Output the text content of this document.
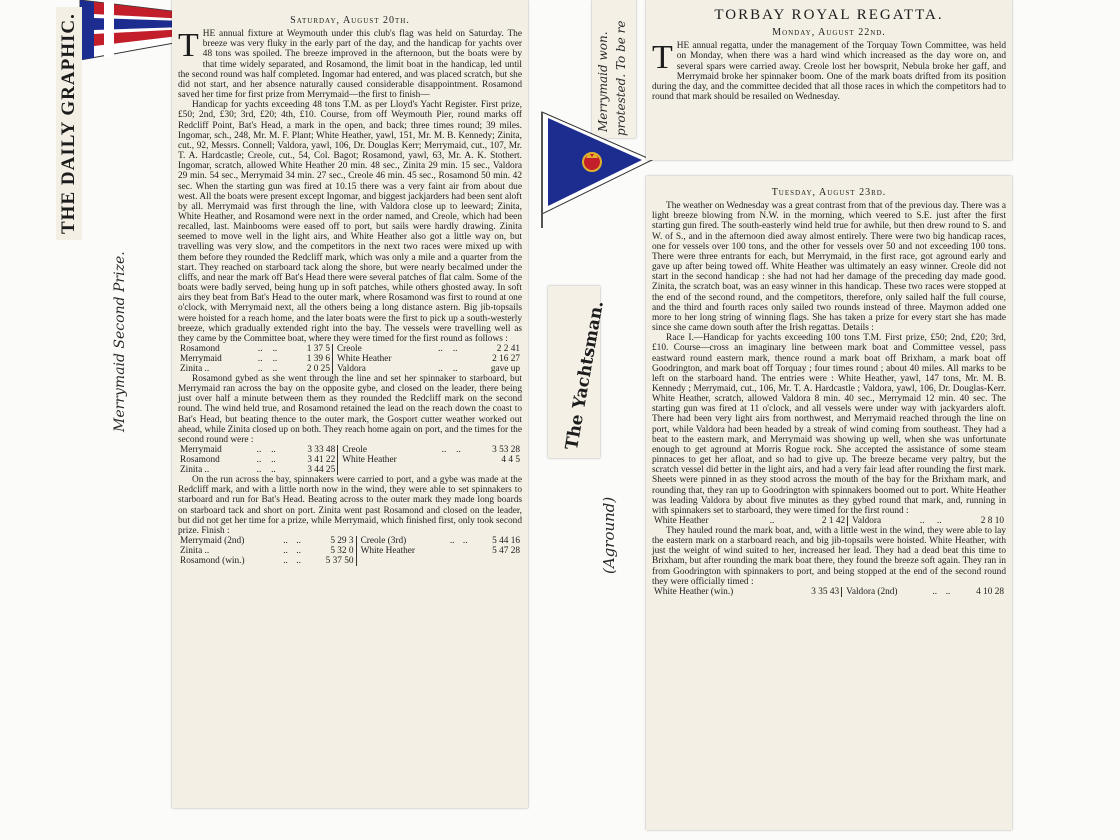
THE DAILY GRAPHIC.
Merrymaid Second Prize.
Saturday, August 20th.

THE annual fixture at Weymouth under this club's flag was held on Saturday. The breeze was very fluky in the early part of the day, and the handicap for yachts over 48 tons was spoiled. The breeze improved in the afternoon, but the boats were by that time widely separated, and Rosamond, the limit boat in the handicap, led until the second round was half completed. Ingomar had entered, and was placed scratch, but she did not start, and her absence naturally caused considerable disappointment. Rosamond saved her time for first prize from Merrymaid—the first to finish—

Handicap for yachts exceeding 48 tons T.M. as per Lloyd's Yacht Register. First prize, £50; 2nd, £30; 3rd, £20; 4th, £10. Course, from off Weymouth Pier, round marks off Redcliff Point, Bat's Head, a mark in the open, and back; three times round; 39 miles. Ingomar, sch., 248, Mr. M. F. Plant; White Heather, yawl, 151, Mr. M. B. Kennedy; Zinita, cut., 92, Messrs. Connell; Valdora, yawl, 106, Dr. Douglas Kerr; Merrymaid, cut., 107, Mr. T. A. Hardcastle; Creole, cut., 54, Col. Bagot; Rosamond, yawl, 63, Mr. A. K. Stothert. Ingomar, scratch, allowed White Heather 20 min. 48 sec., Zinita 29 min. 15 sec., Valdora 29 min. 54 sec., Merrymaid 34 min. 27 sec., Creole 46 min. 45 sec., Rosamond 50 min. 42 sec. When the starting gun was fired at 10.15 there was a very faint air from about due west. All the boats were present except Ingomar, and biggest jackjarders had been sent aloft by all. Merrymaid was first through the line, with Valdora close up to leeward; Zinita, White Heather, and Rosamond were next in the order named, and Creole, which had been recalled, last. Mainbooms were eased off to port, but sails were hardly drawing. Zinita seemed to move well in the light airs, and White Heather also got a little way on, but travelling was very slow, and the competitors in the next two races were mixed up with them before they rounded the Redcliff mark, which was only a mile and a quarter from the start. They reached on starboard tack along the shore, but were nearly becalmed under the cliffs, and near the mark off Bat's Head there were several patches of flat calm. Some of the boats were badly served, being hung up in soft patches, while others ghosted away. In soft airs they beat from Bat's Head to the outer mark, where Rosamond was first to round at one o'clock, with Merrymaid next, all the others being a long distance astern. Big jib-topsails were hoisted for a reach home, and the later boats were the first to pick up a south-westerly breeze, which gradually extended right into the bay. The vessels were travelling well as they came by the Committee boat, where they were timed for the first round as follows :

Rosamond	..	..	1 37 5	Creole	..	..	2 2 41
Merrymaid	..	..	1 39 6	White Heather			2 16 27
Zinita ..	..	..	2 0 25	Valdora	..	..	gave up

Rosamond gybed as she went through the line and set her spinnaker to starboard, but Merrymaid ran across the bay on the opposite gybe, and closed on the leader, there being just over half a minute between them as they rounded the Redcliff mark on the second round. The wind held true, and Rosamond retained the lead on the reach down the coast to Bat's Head, but beating thence to the outer mark, the Gosport cutter weather worked out ahead, while Zinita closed up on both. They reach home again on port, and the times for the second round were :

Merrymaid	..	..	3 33 48	Creole	..	..	3 53 28
Rosamond	..	..	3 41 22	White Heather			4 4 5
Zinita ..	..	..	3 44 25				

On the run across the bay, spinnakers were carried to port, and a gybe was made at the Redcliff mark, and with a little north now in the wind, they were able to set spinnakers to starboard and run for Bat's Head. Beating across to the outer mark they made long boards on starboard tack and short on port. Zinita went past Rosamond and closed on the leader, but did not get her time for a prize, while Merrymaid, which finished first, only took second prize. Finish :

Merrymaid (2nd)	..	..	5 29 3	Creole (3rd)	..	..	5 44 16
Zinita ..	..	..	5 32 0	White Heather			5 47 28
Rosamond (win.)	..	..	5 37 50				
Merrymaid won. protested. To be re
The Yachtsman.
(Aground)
TORBAY ROYAL REGATTA.
Monday, August 22nd.

THE annual regatta, under the management of the Torquay Town Committee, was held on Monday, when there was a hard wind which increased as the day wore on, and several spars were carried away. Creole lost her bowsprit, Nebula broke her gaff, and Merrymaid broke her spinnaker boom. One of the mark boats drifted from its position during the day, and the committee decided that all those races in which the competitors had to round that mark should be resailed on Wednesday.

Tuesday, August 23rd.

The weather on Wednesday was a great contrast from that of the previous day. There was a light breeze blowing from N.W. in the morning, which veered to S.E. just after the first starting gun fired. The south-easterly wind held true for awhile, but then drew round to S. and W. of S., and in the afternoon died away almost entirely. There were two big handicap races, one for vessels over 100 tons, and the other for vessels over 50 and not exceeding 100 tons. There were three entrants for each, but Merrymaid, in the first race, got aground early and gave up after being towed off. White Heather was ultimately an easy winner. Creole did not start in the second handicap : she had not had her damage of the preceding day made good. Zinita, the scratch boat, was an easy winner in this handicap. These two races were stopped at the end of the second round, and the competitors, therefore, only sailed half the full course, and the third and fourth races only sailed two rounds instead of three. Maymon added one more to her long string of winning flags. She has taken a prize for every start she has made since she came down south after the Irish regattas. Details :

Race I.—Handicap for yachts exceeding 100 tons T.M. First prize, £50; 2nd, £20; 3rd, £10. Course—cross an imaginary line between mark boat and Committee vessel, pass eastward round eastern mark, thence round a mark boat off Brixham, a mark boat off Goodrington, and mark boat off Torquay ; four times round ; about 40 miles. All marks to be left on the starboard hand. The entries were : White Heather, yawl, 147 tons, Mr. M. B. Kennedy ; Merrymaid, cut., 106, Mr. T. A. Hardcastle ; Valdora, yawl, 106, Dr. Douglas-Kerr. White Heather, scratch, allowed Valdora 8 min. 40 sec., Merrymaid 12 min. 40 sec. The starting gun was fired at 11 o'clock, and all vessels were under way with jackyarders aloft. There had been very light airs from northwest, and Merrymaid reached through the line on port, while Valdora had been headed by a streak of wind coming from southeast. They had a beat to the eastern mark, and Merrymaid was showing up well, when she was unfortunate enough to get aground at Morris Rogue rock. She accepted the assistance of some steam pinnaces to get her afloat, and so had to give up. The breeze became very paltry, but the scratch vessel did better in the light airs, and had a very fair lead after rounding the first mark. Sheets were pinned in as they stood across the mouth of the bay for the Brixham mark, and rounding that, they ran up to Goodrington with spinnakers boomed out to port. White Heather was leading Valdora by about five minutes as they gybed round that mark, and, running in with spinnakers set to starboard, they were timed for the first round :

White Heather	..		2 1 42	Valdora	..	..	2 8 10

They hauled round the mark boat, and, with a little west in the wind, they were able to lay the eastern mark on a starboard reach, and big jib-topsails were hoisted. White Heather, with just the weight of wind suited to her, increased her lead. They had a dead beat this time to Brixham, but after rounding the mark boat there, they found the breeze soft again. They ran in from Goodrington with spinnakers to port, and being stopped at the end of the second round they were officially timed :

White Heather (win.)			3 35 43	Valdora (2nd)	..	..	4 10 28
